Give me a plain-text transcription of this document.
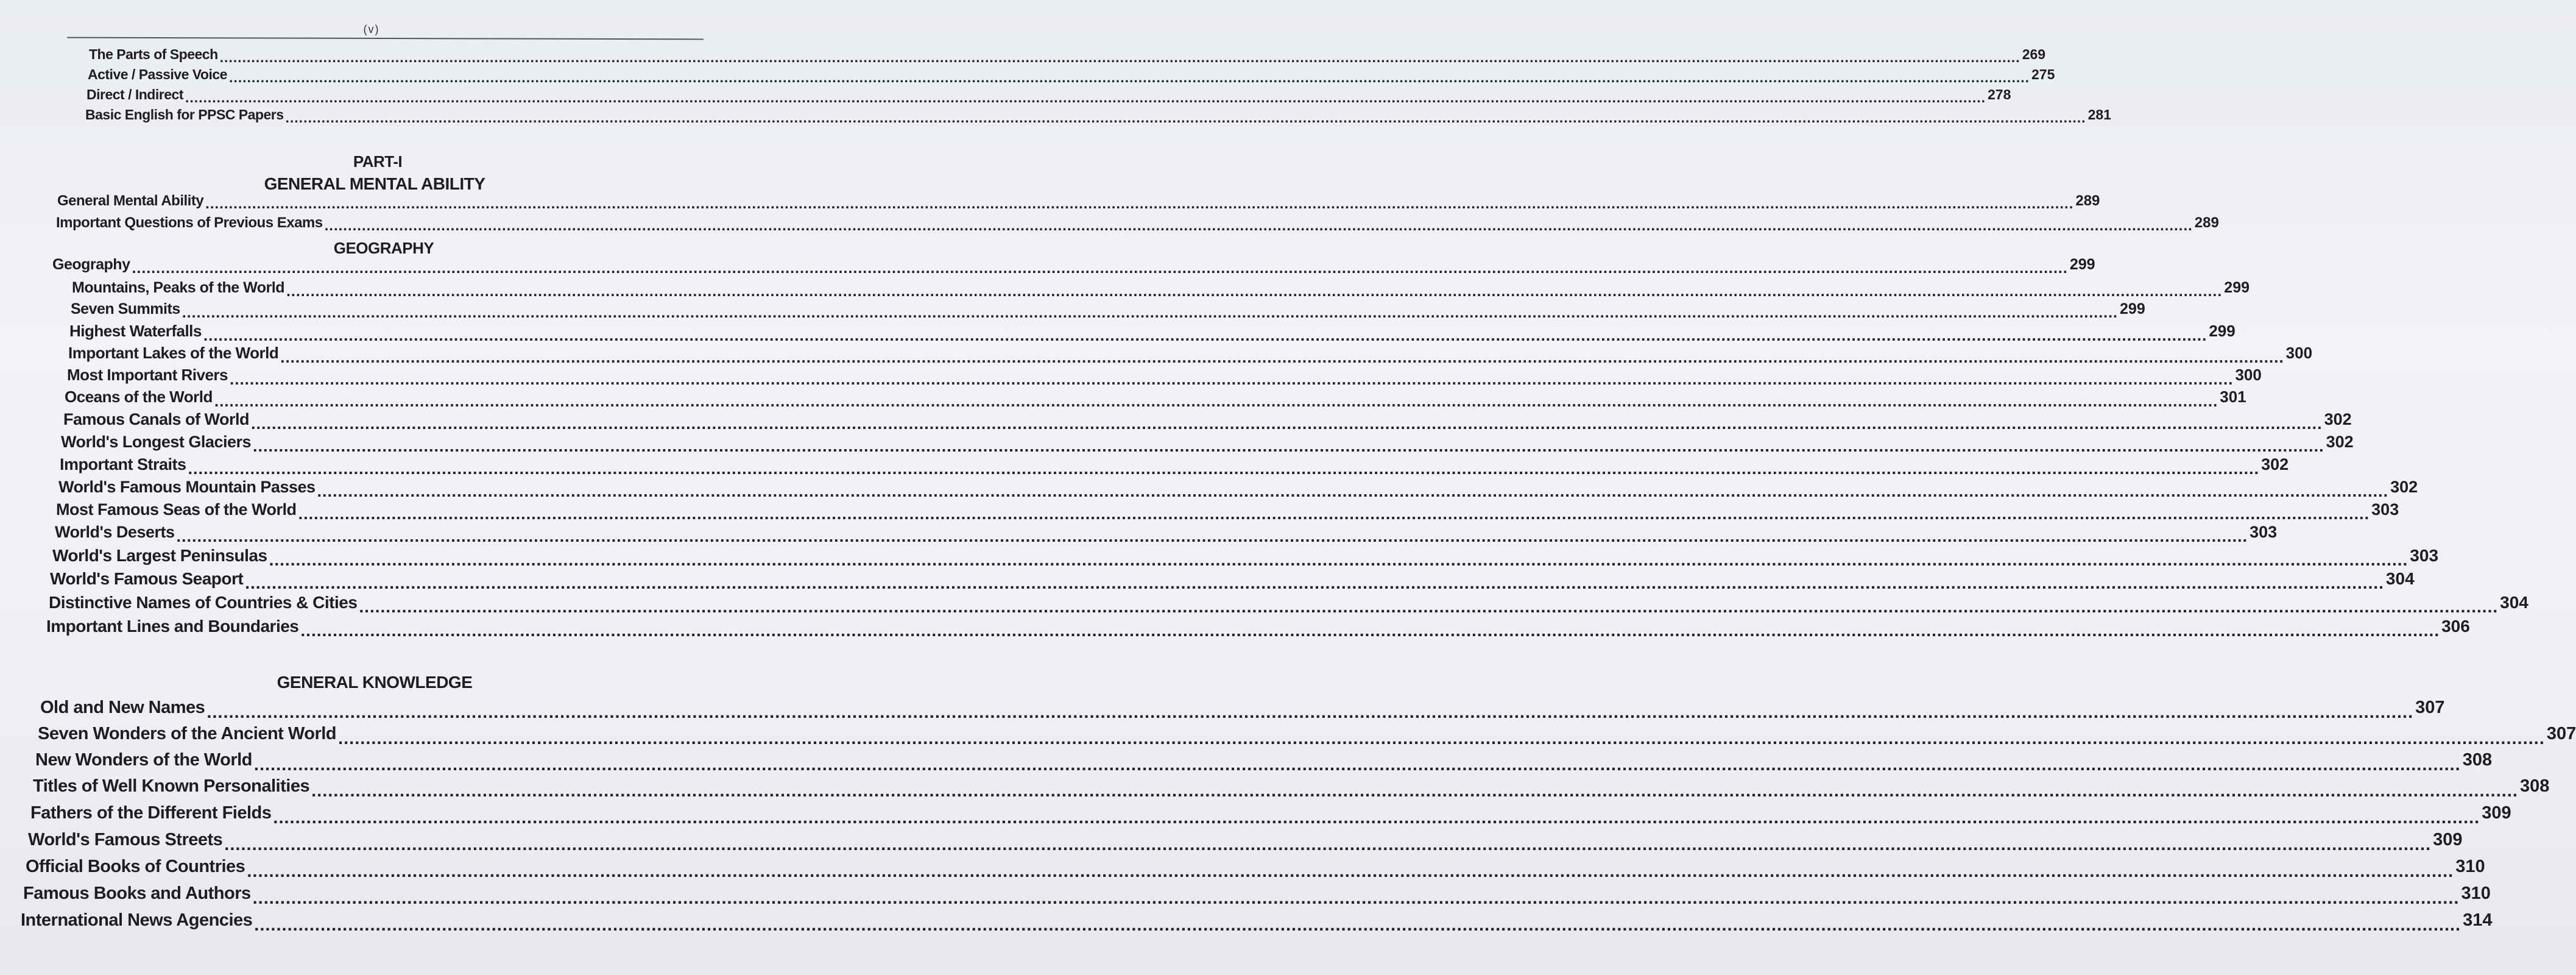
(v)
The Parts of Speech ................................................................................................................................................................................................................................................................................................................................................................................................................ 269
Active / Passive Voice ................................................................................................................................................................................................................................................................................................................................................................................................................ 275
Direct / Indirect ................................................................................................................................................................................................................................................................................................................................................................................................................ 278
Basic English for PPSC Papers ................................................................................................................................................................................................................................................................................................................................................................................................................ 281
PART-I
GENERAL MENTAL ABILITY
General Mental Ability ................................................................................................................................................................................................................................................................................................................................................................................................................ 289
Important Questions of Previous Exams ................................................................................................................................................................................................................................................................................................................................................................................................................ 289
GEOGRAPHY
Geography ................................................................................................................................................................................................................................................................................................................................................................................................................ 299
Mountains, Peaks of the World ................................................................................................................................................................................................................................................................................................................................................................................................................ 299
Seven Summits ................................................................................................................................................................................................................................................................................................................................................................................................................ 299
Highest Waterfalls ................................................................................................................................................................................................................................................................................................................................................................................................................ 299
Important Lakes of the World ................................................................................................................................................................................................................................................................................................................................................................................................................ 300
Most Important Rivers ................................................................................................................................................................................................................................................................................................................................................................................................................ 300
Oceans of the World ................................................................................................................................................................................................................................................................................................................................................................................................................ 301
Famous Canals of World ................................................................................................................................................................................................................................................................................................................................................................................................................ 302
World's Longest Glaciers ................................................................................................................................................................................................................................................................................................................................................................................................................ 302
Important Straits ................................................................................................................................................................................................................................................................................................................................................................................................................ 302
World's Famous Mountain Passes ................................................................................................................................................................................................................................................................................................................................................................................................................ 302
Most Famous Seas of the World ................................................................................................................................................................................................................................................................................................................................................................................................................ 303
World's Deserts ................................................................................................................................................................................................................................................................................................................................................................................................................ 303
World's Largest Peninsulas ................................................................................................................................................................................................................................................................................................................................................................................................................ 303
World's Famous Seaport ................................................................................................................................................................................................................................................................................................................................................................................................................ 304
Distinctive Names of Countries & Cities ................................................................................................................................................................................................................................................................................................................................................................................................................ 304
Important Lines and Boundaries ................................................................................................................................................................................................................................................................................................................................................................................................................ 306
GENERAL KNOWLEDGE
Old and New Names ................................................................................................................................................................................................................................................................................................................................................................................................................ 307
Seven Wonders of the Ancient World ................................................................................................................................................................................................................................................................................................................................................................................................................ 307
New Wonders of the World ................................................................................................................................................................................................................................................................................................................................................................................................................ 308
Titles of Well Known Personalities ................................................................................................................................................................................................................................................................................................................................................................................................................ 308
Fathers of the Different Fields ................................................................................................................................................................................................................................................................................................................................................................................................................ 309
World's Famous Streets ................................................................................................................................................................................................................................................................................................................................................................................................................ 309
Official Books of Countries ................................................................................................................................................................................................................................................................................................................................................................................................................ 310
Famous Books and Authors ................................................................................................................................................................................................................................................................................................................................................................................................................ 310
International News Agencies ................................................................................................................................................................................................................................................................................................................................................................................................................ 314
